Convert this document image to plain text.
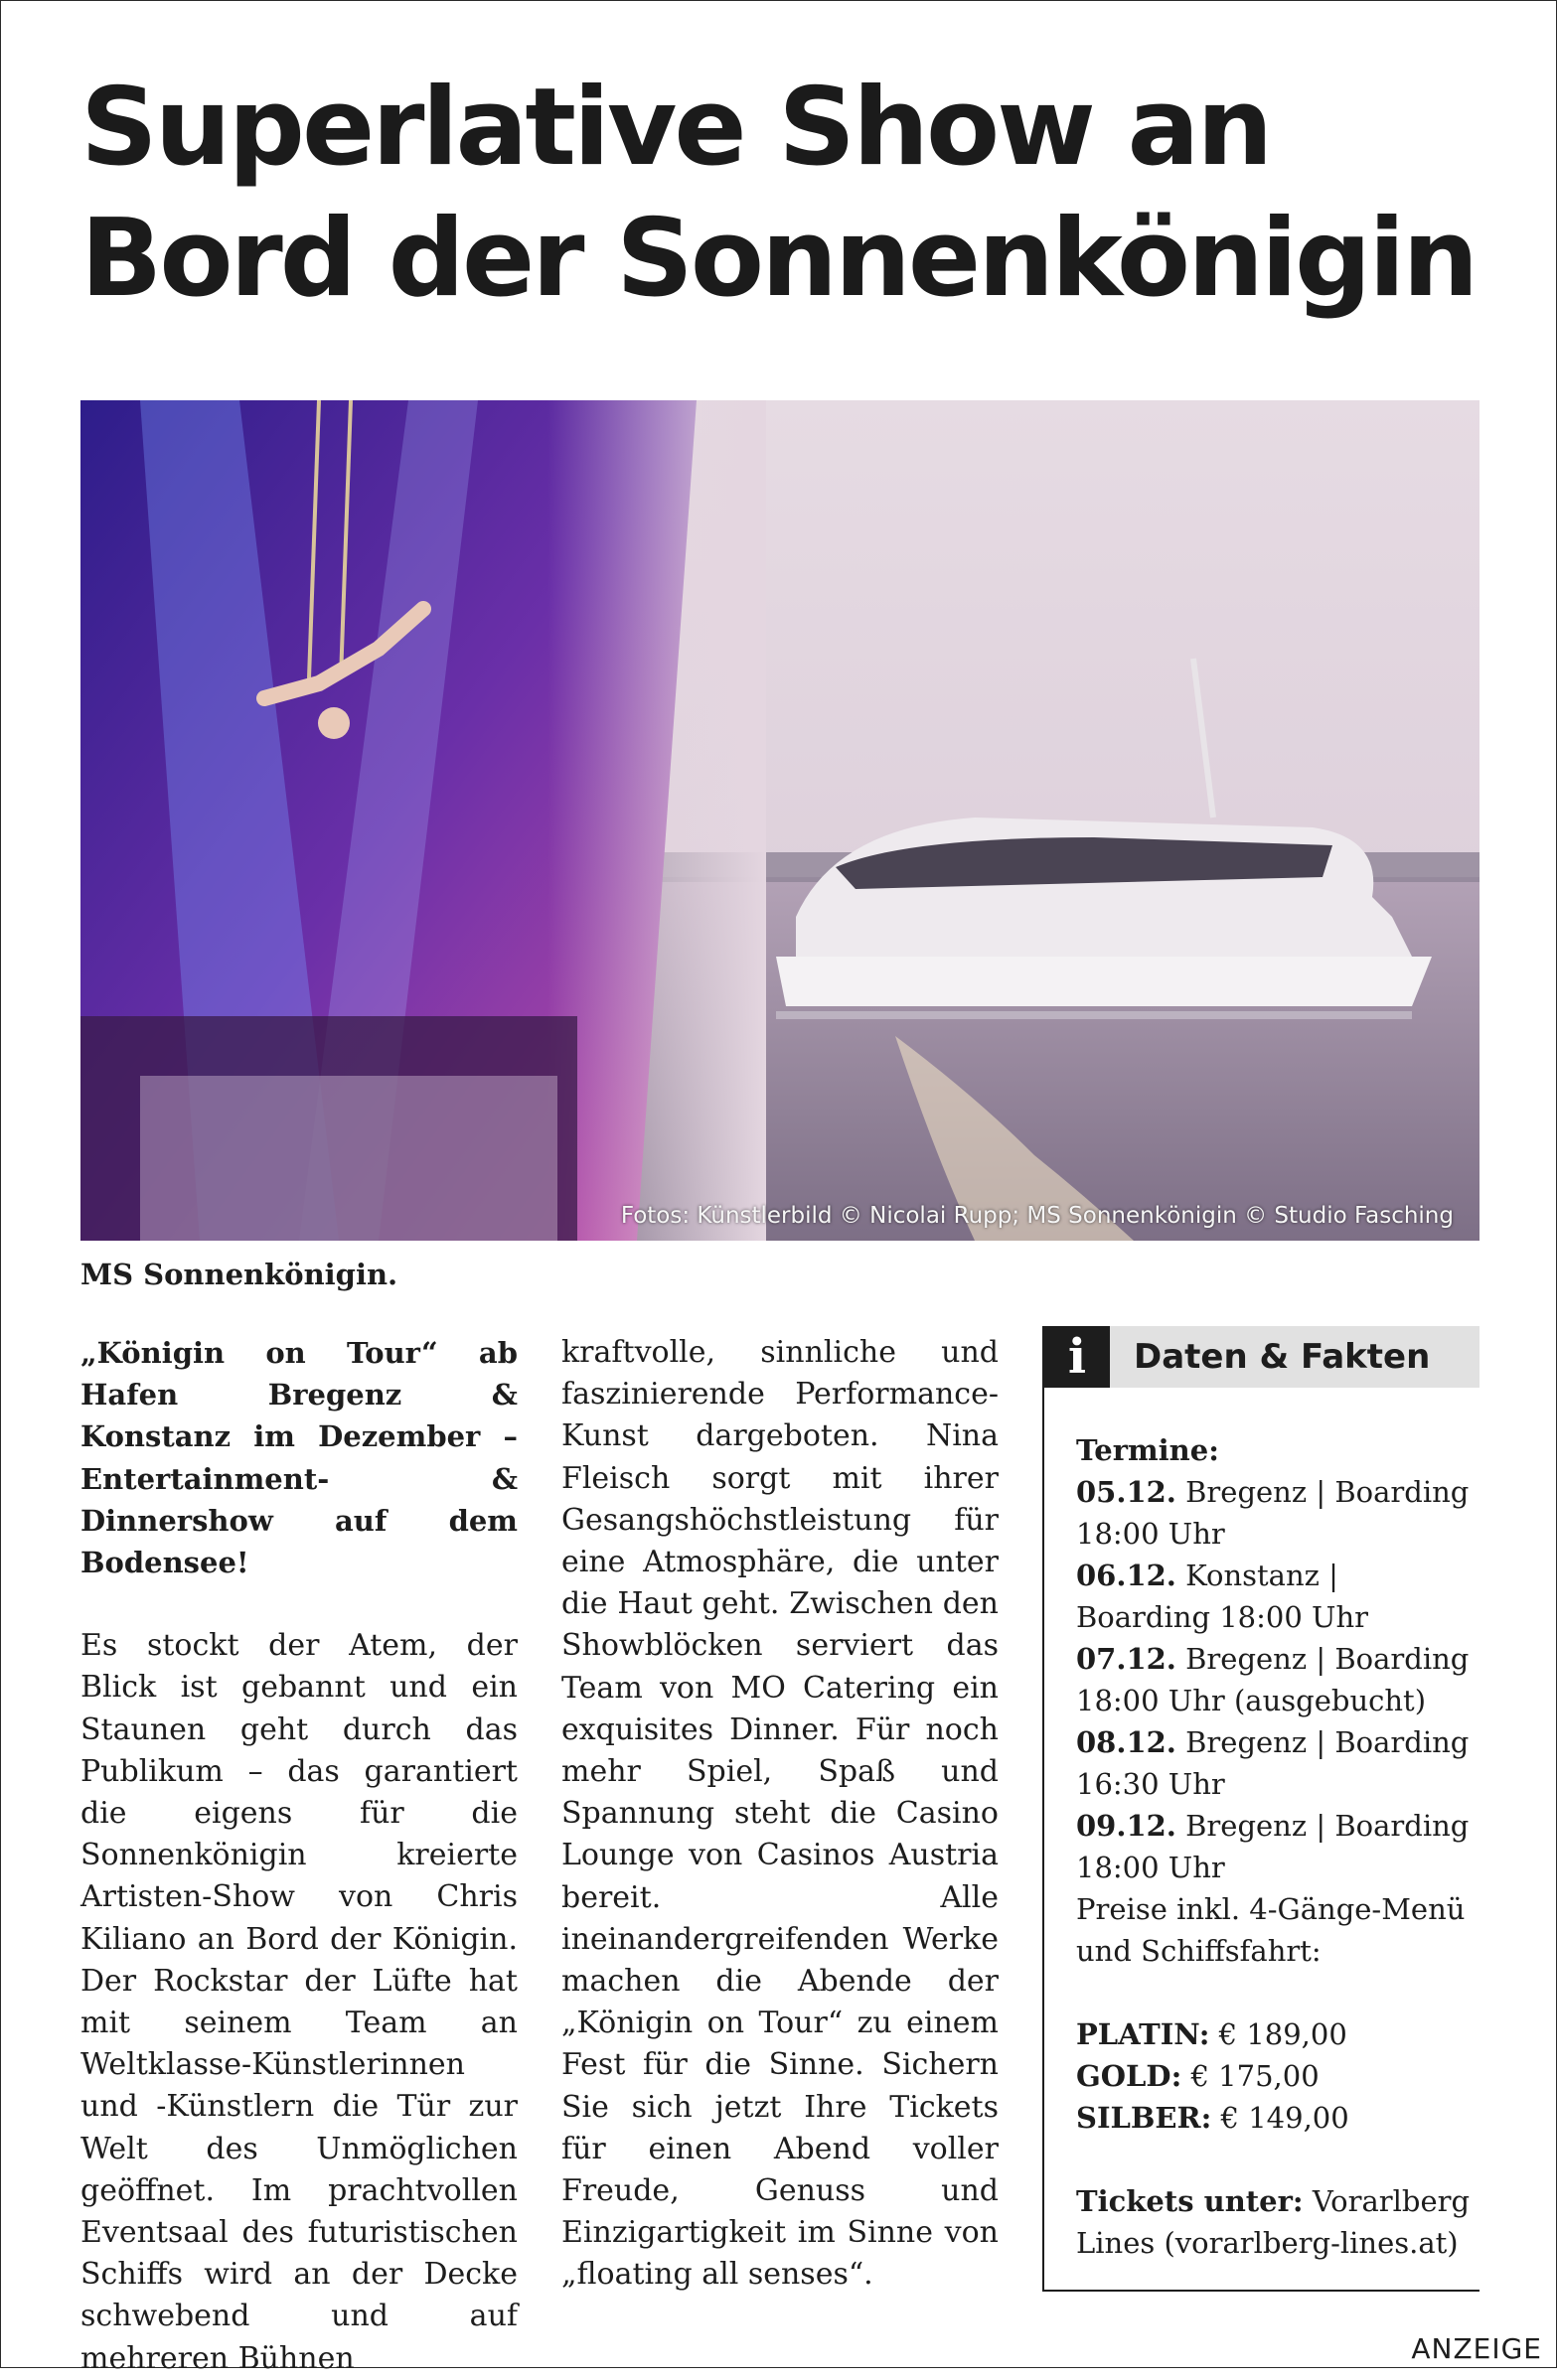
Superlative Show an
Bord der Sonnenkönigin
Fotos: Künstlerbild © Nicolai Rupp; MS Sonnenkönigin © Studio Fasching
MS Sonnenkönigin.

„Königin on Tour“ ab Hafen Bregenz & Konstanz im Dezember – Entertainment- & Dinnershow auf dem Bodensee!

Es stockt der Atem, der Blick ist gebannt und ein Staunen geht durch das Publikum – das garantiert die eigens für die Sonnenkönigin kreierte Artisten-Show von Chris Kiliano an Bord der Königin. Der Rockstar der Lüfte hat mit seinem Team an Weltklasse-Künstlerinnen und -Künstlern die Tür zur Welt des Unmöglichen geöffnet. Im prachtvollen Eventsaal des futuristischen Schiffs wird an der Decke schwebend und auf mehreren Bühnen

kraftvolle, sinnliche und faszinierende Performance-Kunst dargeboten. Nina Fleisch sorgt mit ihrer Gesangshöchstleistung für eine Atmosphäre, die unter die Haut geht. Zwischen den Showblöcken serviert das Team von MO Catering ein exquisites Dinner. Für noch mehr Spiel, Spaß und Spannung steht die Casino Lounge von Casinos Austria bereit. Alle ineinandergreifenden Werke machen die Abende der „Königin on Tour“ zu einem Fest für die Sinne. Sichern Sie sich jetzt Ihre Tickets für einen Abend voller Freude, Genuss und Einzigartigkeit im Sinne von „floating all senses“.

i	Daten & Fakten

Termine:

05.12. Bregenz | Boarding 18:00 Uhr

06.12. Konstanz | Boarding 18:00 Uhr

07.12. Bregenz | Boarding 18:00 Uhr (ausgebucht)

08.12. Bregenz | Boarding 16:30 Uhr

09.12. Bregenz | Boarding 18:00 Uhr

Preise inkl. 4-Gänge-Menü und Schiffsfahrt:

PLATIN: € 189,00

GOLD: € 175,00

SILBER: € 149,00

Tickets unter: Vorarlberg Lines (vorarlberg-lines.at)

ANZEIGE
